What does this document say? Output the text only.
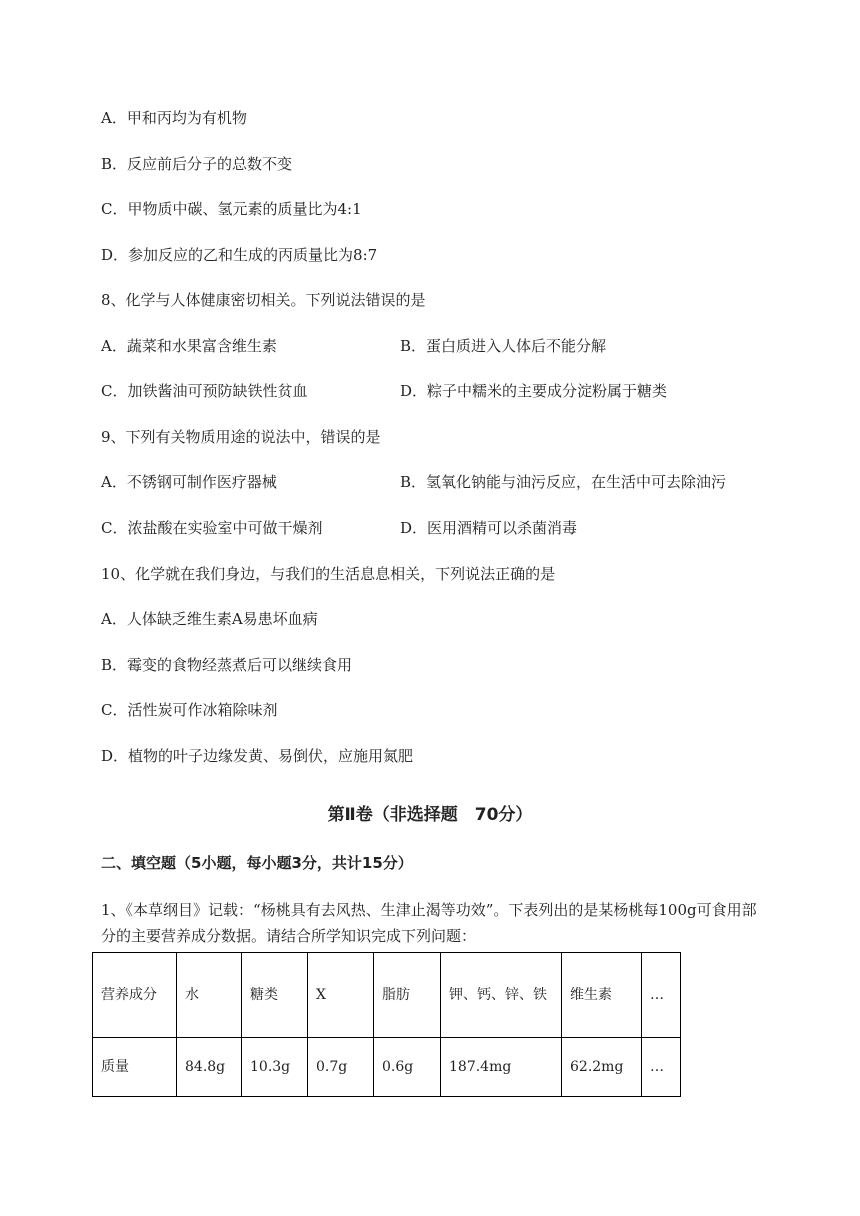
A．甲和丙均为有机物
B．反应前后分子的总数不变
C．甲物质中碳、氢元素的质量比为4:1
D．参加反应的乙和生成的丙质量比为8:7
8、化学与人体健康密切相关。下列说法错误的是
A．蔬菜和水果富含维生素	B．蛋白质进入人体后不能分解
C．加铁酱油可预防缺铁性贫血	D．粽子中糯米的主要成分淀粉属于糖类
9、下列有关物质用途的说法中，错误的是
A．不锈钢可制作医疗器械	B．氢氧化钠能与油污反应，在生活中可去除油污
C．浓盐酸在实验室中可做干燥剂	D．医用酒精可以杀菌消毒
10、化学就在我们身边，与我们的生活息息相关，下列说法正确的是
A．人体缺乏维生素A易患坏血病
B．霉变的食物经蒸煮后可以继续食用
C．活性炭可作冰箱除味剂
D．植物的叶子边缘发黄、易倒伏，应施用氮肥
第Ⅱ卷（非选择题　70分）
二、填空题（5小题，每小题3分，共计15分）
1、《本草纲目》记载：“杨桃具有去风热、生津止渴等功效”。下表列出的是某杨桃每100g可食用部
分的主要营养成分数据。请结合所学知识完成下列问题：
营养成分	水	糖类	X	脂肪	钾、钙、锌、铁	维生素	…
质量	84.8g	10.3g	0.7g	0.6g	187.4mg	62.2mg	…
